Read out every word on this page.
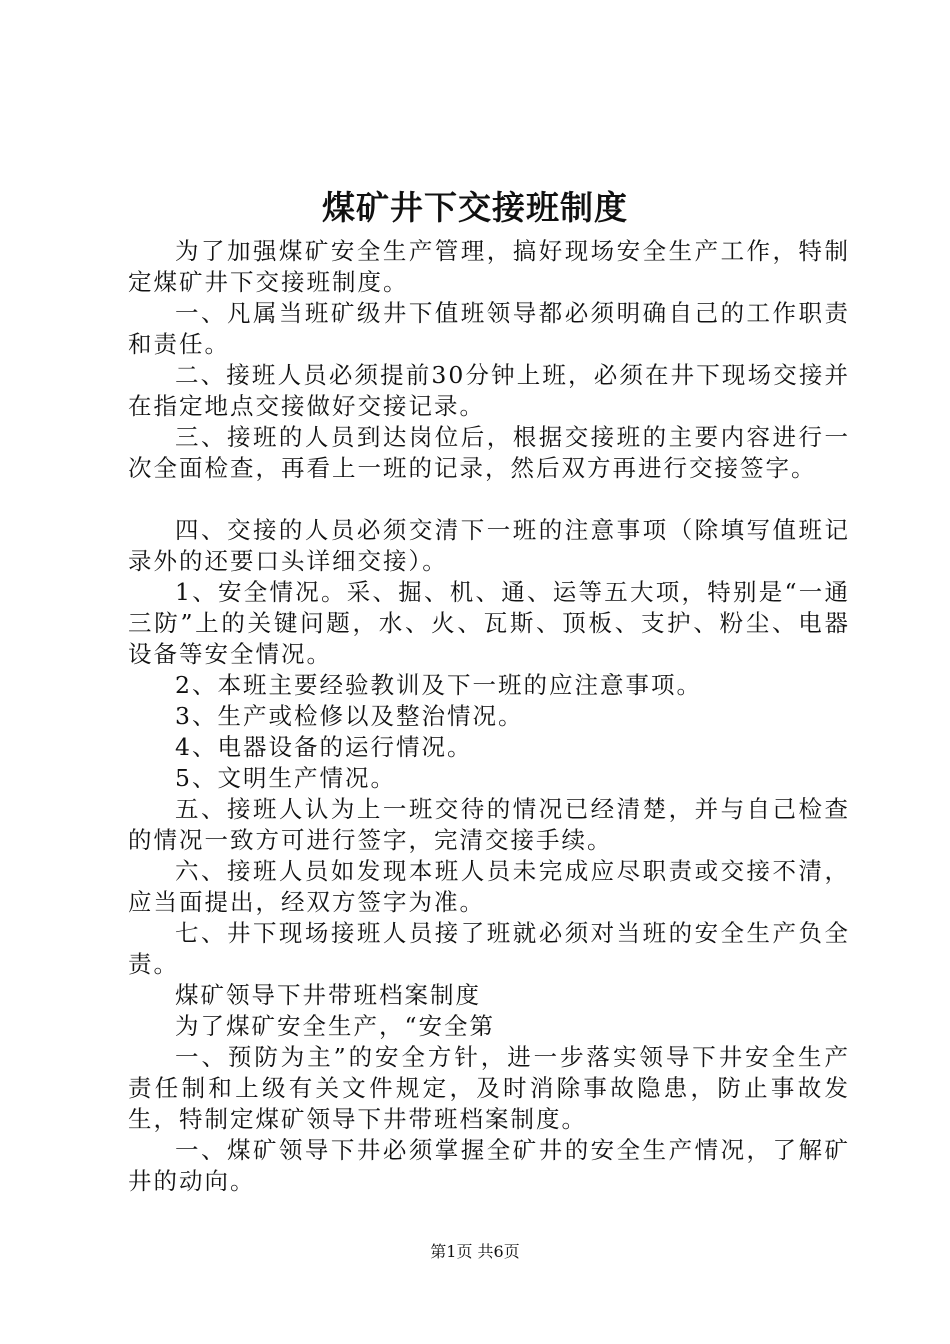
煤矿井下交接班制度

为了加强煤矿安全生产管理，搞好现场安全生产工作，特制定煤矿井下交接班制度。

一、凡属当班矿级井下值班领导都必须明确自己的工作职责和责任。

二、接班人员必须提前30分钟上班，必须在井下现场交接并在指定地点交接做好交接记录。

三、接班的人员到达岗位后，根据交接班的主要内容进行一次全面检查，再看上一班的记录，然后双方再进行交接签字。

四、交接的人员必须交清下一班的注意事项（除填写值班记录外的还要口头详细交接）。

1、安全情况。采、掘、机、通、运等五大项，特别是“一通三防”上的关键问题，水、火、瓦斯、顶板、支护、粉尘、电器设备等安全情况。

2、本班主要经验教训及下一班的应注意事项。

3、生产或检修以及整治情况。

4、电器设备的运行情况。

5、文明生产情况。

五、接班人认为上一班交待的情况已经清楚，并与自己检查的情况一致方可进行签字，完清交接手续。

六、接班人员如发现本班人员未完成应尽职责或交接不清，应当面提出，经双方签字为准。

七、井下现场接班人员接了班就必须对当班的安全生产负全责。

煤矿领导下井带班档案制度

为了煤矿安全生产，“安全第

一、预防为主”的安全方针，进一步落实领导下井安全生产责任制和上级有关文件规定，及时消除事故隐患，防止事故发生，特制定煤矿领导下井带班档案制度。

一、煤矿领导下井必须掌握全矿井的安全生产情况，了解矿井的动向。

第1页 共6页
